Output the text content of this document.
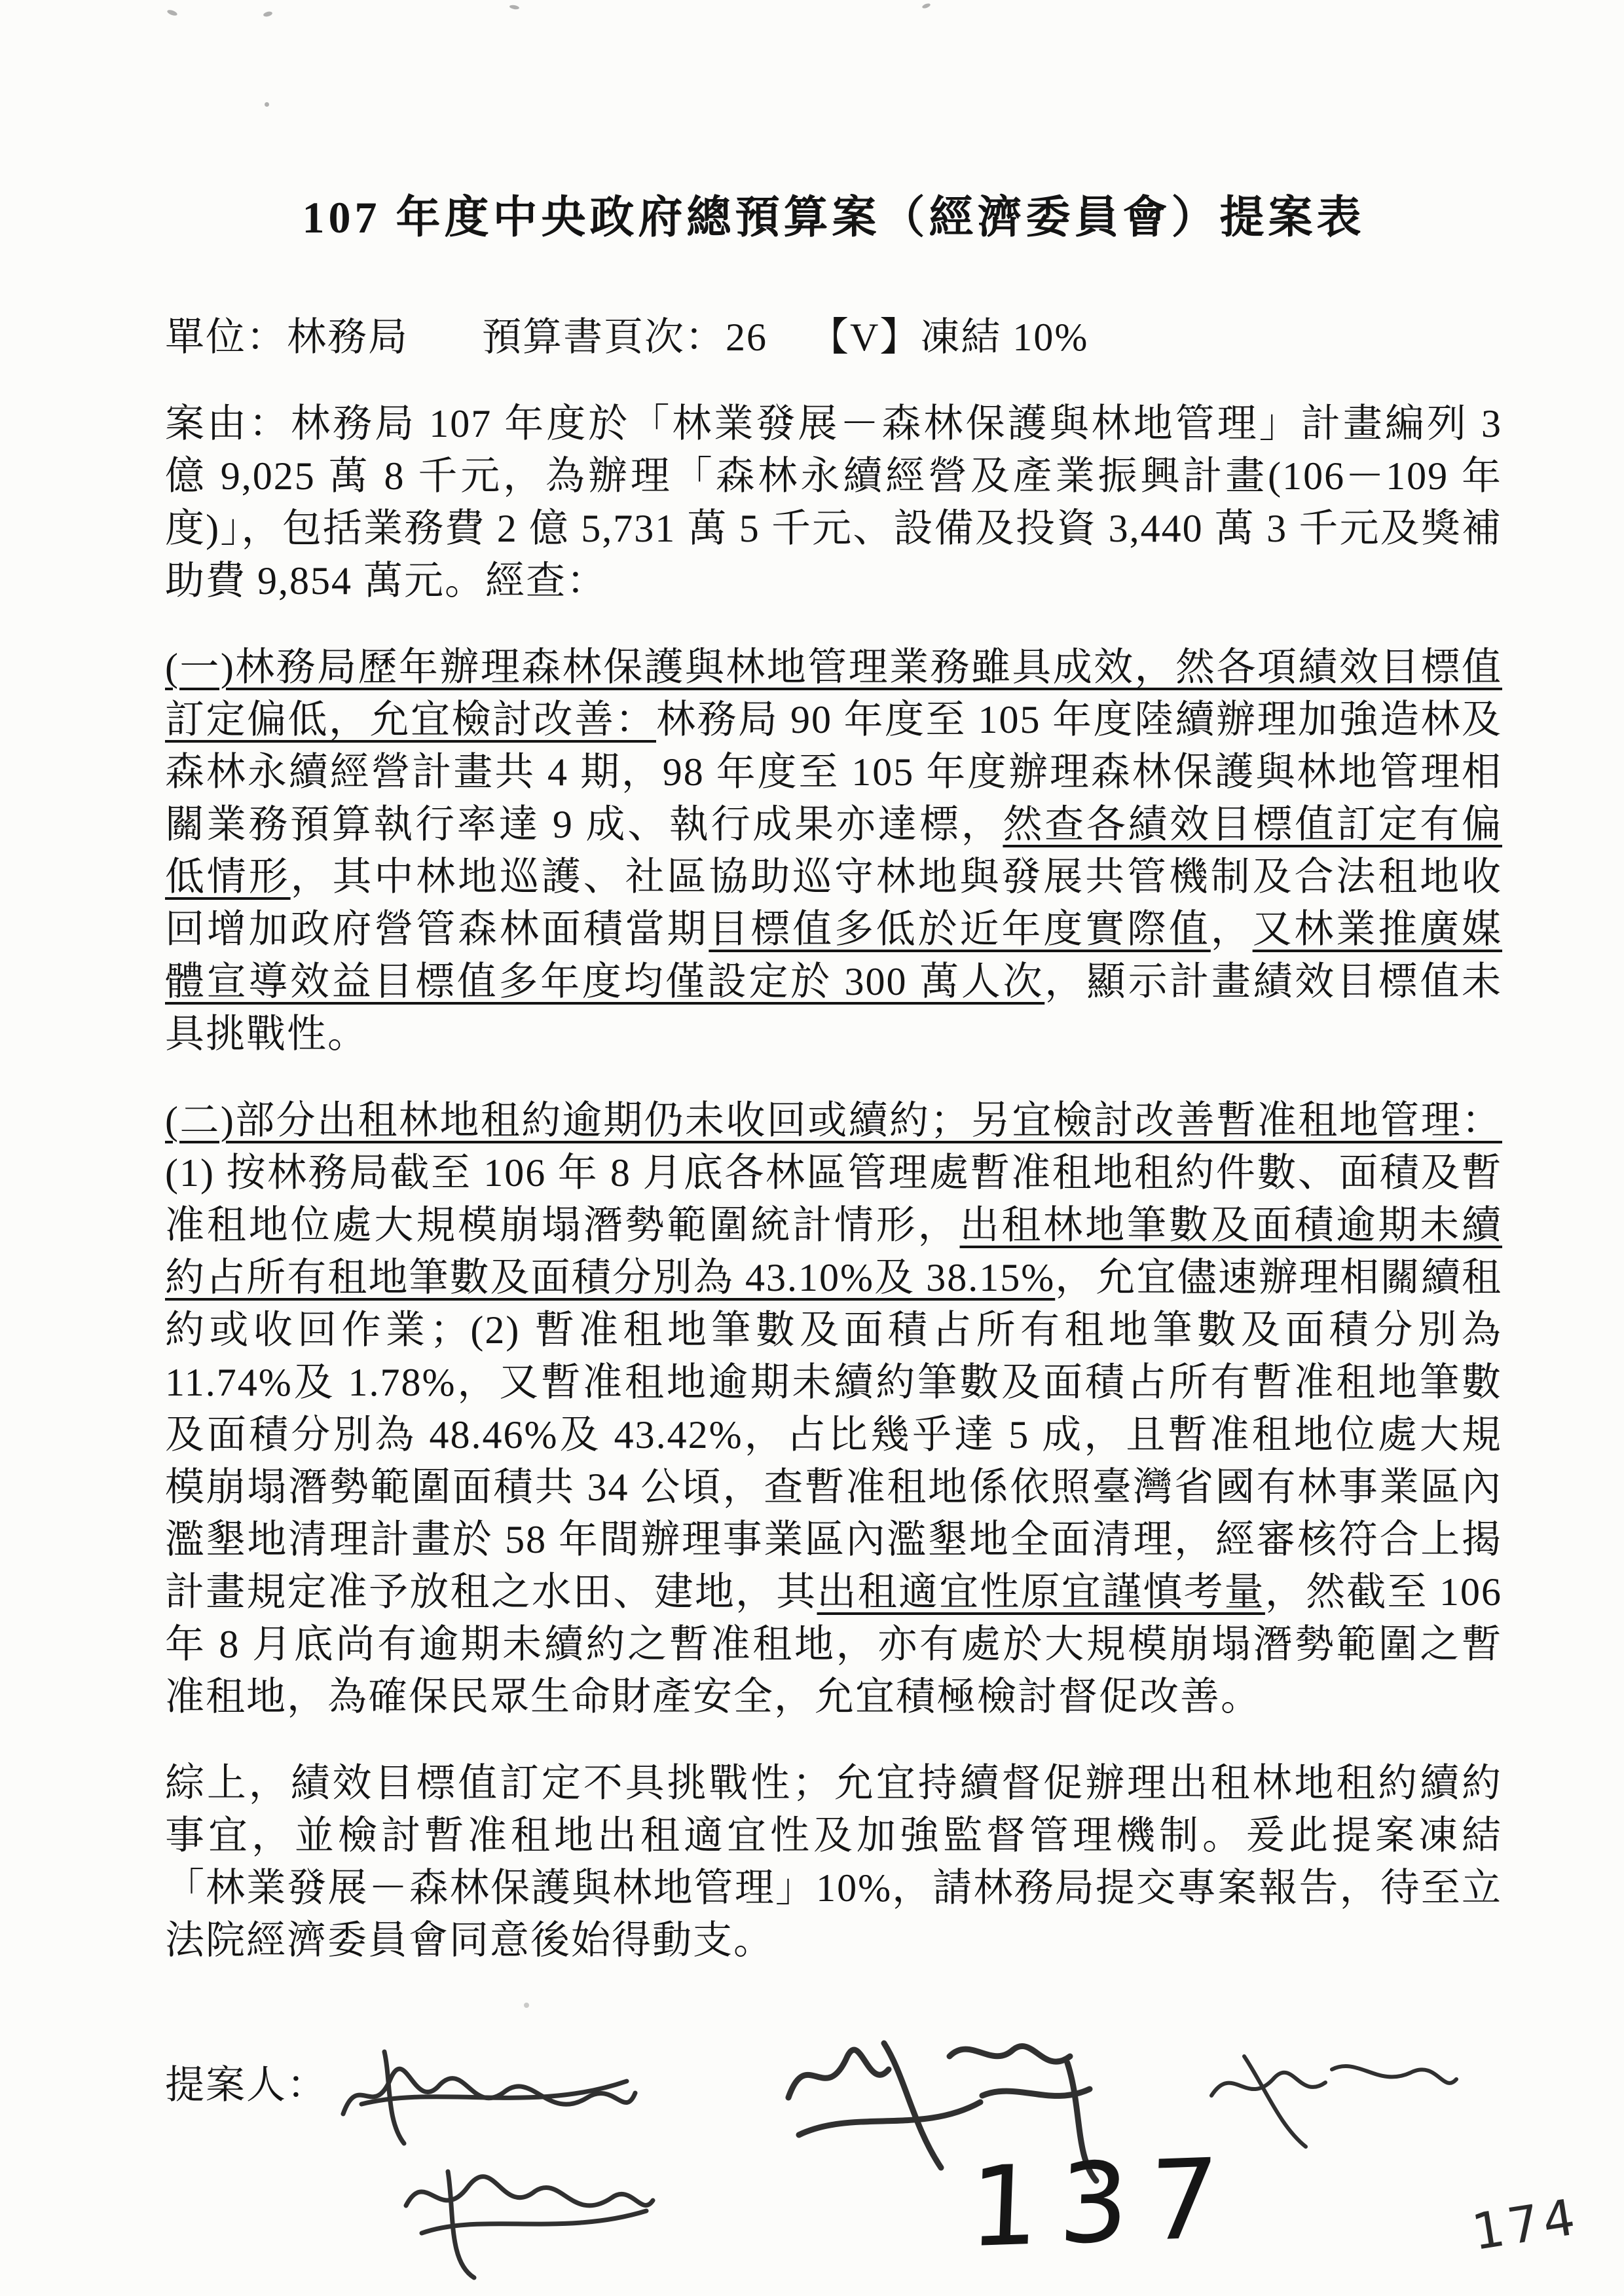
107 年度中央政府總預算案（經濟委員會）提案表
單位：林務局 預算書頁次：26 【V】凍結 10%

案由：林務局 107 年度於「林業發展－森林保護與林地管理」計畫編列 3 億 9,025 萬 8 千元，為辦理「森林永續經營及產業振興計畫(106－109 年度)」，包括業務費 2 億 5,731 萬 5 千元、設備及投資 3,440 萬 3 千元及獎補助費 9,854 萬元。經查：

(一)林務局歷年辦理森林保護與林地管理業務雖具成效，然各項績效目標值訂定偏低，允宜檢討改善：林務局 90 年度至 105 年度陸續辦理加強造林及森林永續經營計畫共 4 期，98 年度至 105 年度辦理森林保護與林地管理相關業務預算執行率達 9 成、執行成果亦達標，然查各績效目標值訂定有偏低情形，其中林地巡護、社區協助巡守林地與發展共管機制及合法租地收回增加政府營管森林面積當期目標值多低於近年度實際值，又林業推廣媒體宣導效益目標值多年度均僅設定於 300 萬人次，顯示計畫績效目標值未具挑戰性。

(二)部分出租林地租約逾期仍未收回或續約；另宜檢討改善暫准租地管理：(1) 按林務局截至 106 年 8 月底各林區管理處暫准租地租約件數、面積及暫准租地位處大規模崩塌潛勢範圍統計情形，出租林地筆數及面積逾期未續約占所有租地筆數及面積分別為 43.10%及 38.15%，允宜儘速辦理相關續租約或收回作業；(2) 暫准租地筆數及面積占所有租地筆數及面積分別為 11.74%及 1.78%，又暫准租地逾期未續約筆數及面積占所有暫准租地筆數及面積分別為 48.46%及 43.42%，占比幾乎達 5 成，且暫准租地位處大規模崩塌潛勢範圍面積共 34 公頃，查暫准租地係依照臺灣省國有林事業區內濫墾地清理計畫於 58 年間辦理事業區內濫墾地全面清理，經審核符合上揭計畫規定准予放租之水田、建地，其出租適宜性原宜謹慎考量，然截至 106 年 8 月底尚有逾期未續約之暫准租地，亦有處於大規模崩塌潛勢範圍之暫准租地，為確保民眾生命財產安全，允宜積極檢討督促改善。

綜上，績效目標值訂定不具挑戰性；允宜持續督促辦理出租林地租約續約事宜，並檢討暫准租地出租適宜性及加強監督管理機制。爰此提案凍結「林業發展－森林保護與林地管理」10%，請林務局提交專案報告，待至立法院經濟委員會同意後始得動支。

提案人：
137	174
